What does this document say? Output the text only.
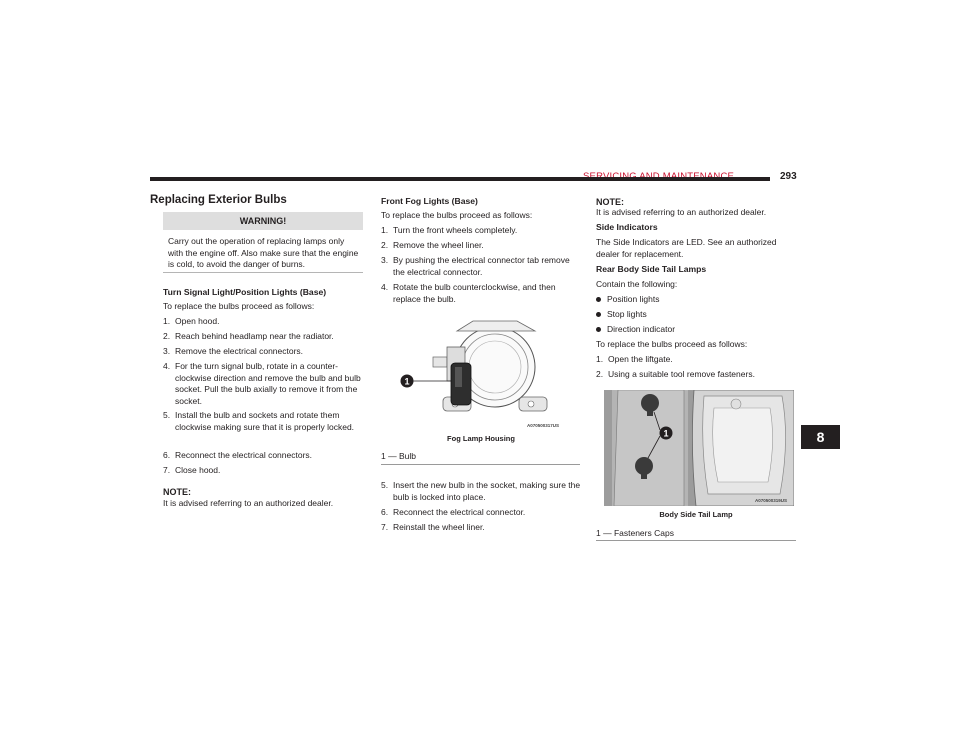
293
8
Replacing Exterior Bulbs
WARNING!
Carry out the operation of replacing lamps only with the engine off. Also make sure that the engine is cold, to avoid the danger of burns.
Turn Signal Light/Position Lights (Base)
To replace the bulbs proceed as follows:
1. Open hood.
2. Reach behind headlamp near the radiator.
3. Remove the electrical connectors.
4. For the turn signal bulb, rotate in a counter-clockwise direction and remove the bulb and bulb socket. Pull the bulb axially to remove it from the socket.
5. Install the bulb and sockets and rotate them clockwise making sure that it is properly locked.
6. Reconnect the electrical connectors.
7. Close hood.
NOTE:
It is advised referring to an authorized dealer.
Front Fog Lights (Base)
To replace the bulbs proceed as follows:
1. Turn the front wheels completely.
2. Remove the wheel liner.
3. By pushing the electrical connector tab remove the electrical connector.
4. Rotate the bulb counterclockwise, and then replace the bulb.
1
A070500317US
Fog Lamp Housing
1 — Bulb
5. Insert the new bulb in the socket, making sure the bulb is locked into place.
6. Reconnect the electrical connector.
7. Reinstall the wheel liner.
NOTE:
It is advised referring to an authorized dealer.
Side Indicators
The Side Indicators are LED. See an authorized dealer for replacement.
Rear Body Side Tail Lamps
Contain the following:
Position lights
Stop lights
Direction indicator
To replace the bulbs proceed as follows:
1. Open the liftgate.
2. Using a suitable tool remove fasteners.
1
A070500319US
Body Side Tail Lamp
1 — Fasteners Caps
